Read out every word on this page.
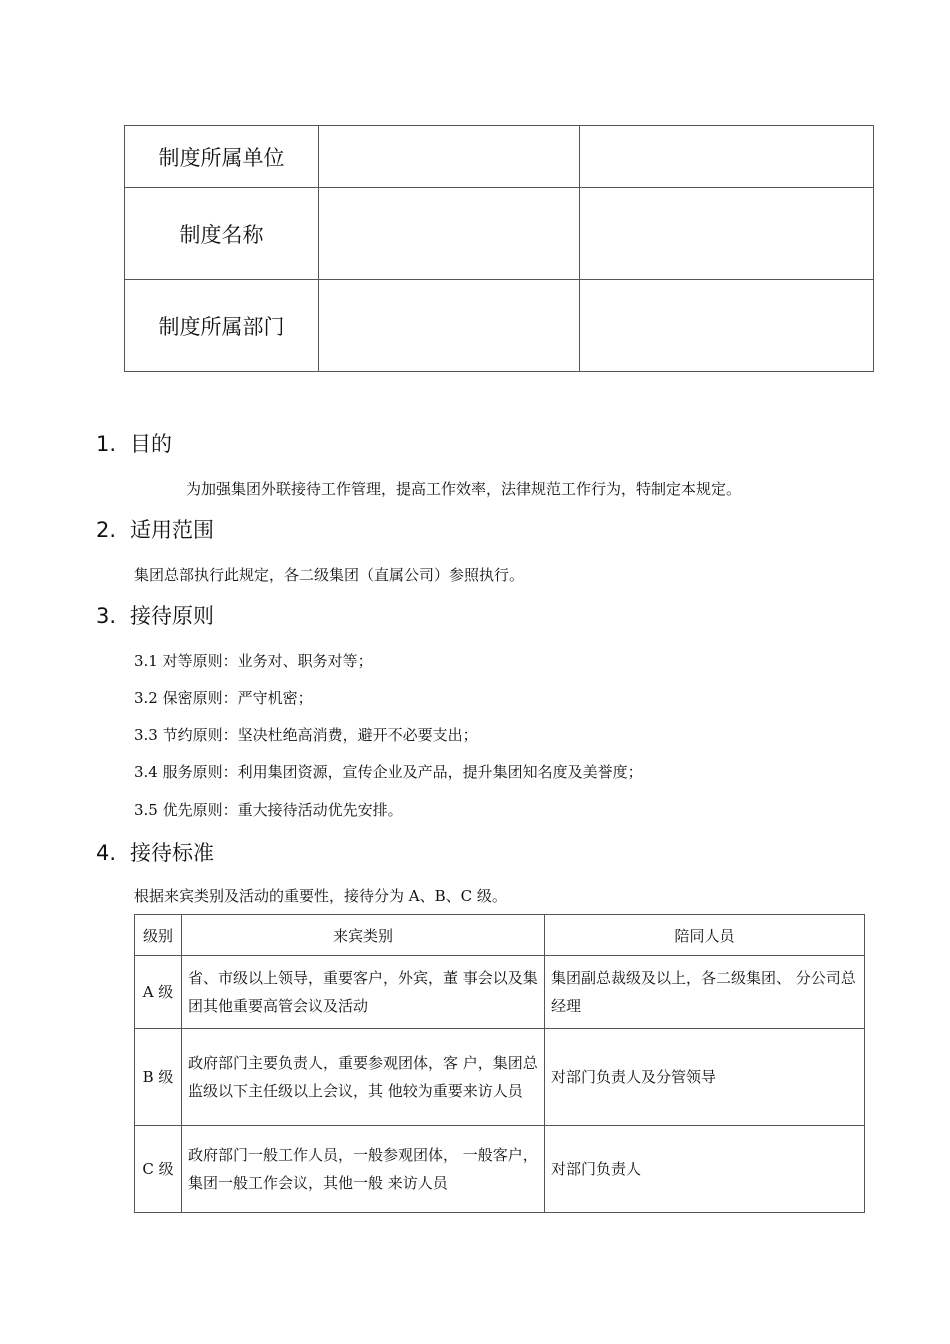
制度所属单位		
制度名称		
制度所属部门		
1. 目的
为加强集团外联接待工作管理，提高工作效率，法律规范工作行为，特制定本规定。
2. 适用范围
集团总部执行此规定，各二级集团（直属公司）参照执行。
3. 接待原则
3.1 对等原则：业务对、职务对等；
3.2 保密原则：严守机密；
3.3 节约原则：坚决杜绝高消费，避开不必要支出；
3.4 服务原则：利用集团资源，宣传企业及产品，提升集团知名度及美誉度；
3.5 优先原则：重大接待活动优先安排。
4. 接待标准
根据来宾类别及活动的重要性，接待分为 A、B、C 级。
级别	来宾类别	陪同人员
A 级	省、市级以上领导，重要客户，外宾，董 事会以及集团其他重要高管会议及活动	集团副总裁级及以上，各二级集团、 分公司总经理
B 级	政府部门主要负责人，重要参观团体，客 户，集团总监级以下主任级以上会议，其 他较为重要来访人员	对部门负责人及分管领导
C 级	政府部门一般工作人员，一般参观团体， 一般客户，集团一般工作会议，其他一般 来访人员	对部门负责人
